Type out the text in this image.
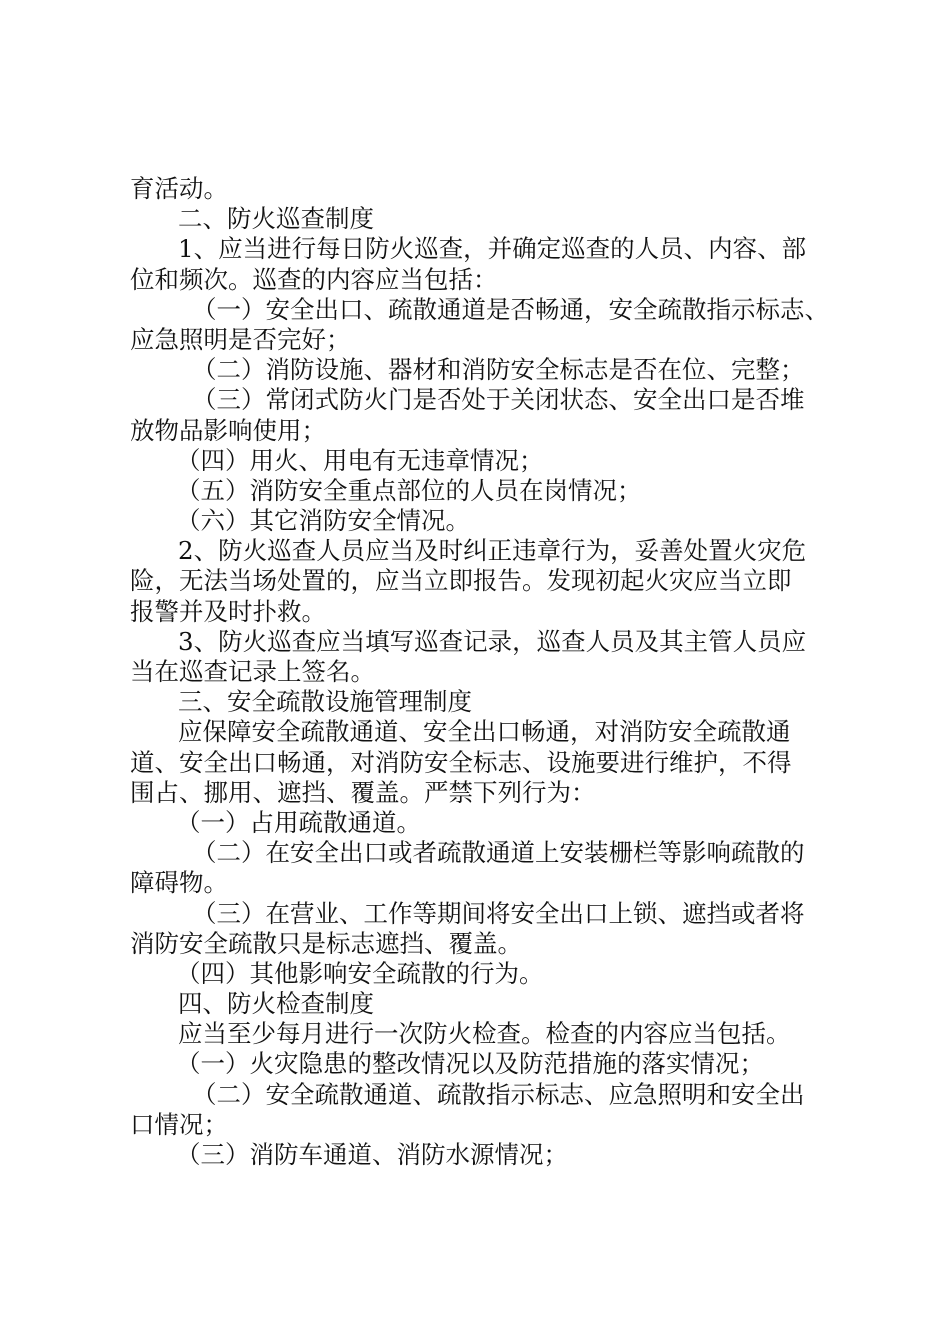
育活动。
二、防火巡查制度
1、应当进行每日防火巡查，并确定巡查的人员、内容、部
位和频次。巡查的内容应当包括：
（一）安全出口、疏散通道是否畅通，安全疏散指示标志、
应急照明是否完好；
（二）消防设施、器材和消防安全标志是否在位、完整；
（三）常闭式防火门是否处于关闭状态、安全出口是否堆
放物品影响使用；
（四）用火、用电有无违章情况；
（五）消防安全重点部位的人员在岗情况；
（六）其它消防安全情况。
2、防火巡查人员应当及时纠正违章行为，妥善处置火灾危
险，无法当场处置的，应当立即报告。发现初起火灾应当立即
报警并及时扑救。
3、防火巡查应当填写巡查记录，巡查人员及其主管人员应
当在巡查记录上签名。
三、安全疏散设施管理制度
应保障安全疏散通道、安全出口畅通，对消防安全疏散通
道、安全出口畅通，对消防安全标志、设施要进行维护，不得
围占、挪用、遮挡、覆盖。严禁下列行为：
（一）占用疏散通道。
（二）在安全出口或者疏散通道上安装栅栏等影响疏散的
障碍物。
（三）在营业、工作等期间将安全出口上锁、遮挡或者将
消防安全疏散只是标志遮挡、覆盖。
（四）其他影响安全疏散的行为。
四、防火检查制度
应当至少每月进行一次防火检查。检查的内容应当包括。
（一）火灾隐患的整改情况以及防范措施的落实情况；
（二）安全疏散通道、疏散指示标志、应急照明和安全出
口情况；
（三）消防车通道、消防水源情况；
